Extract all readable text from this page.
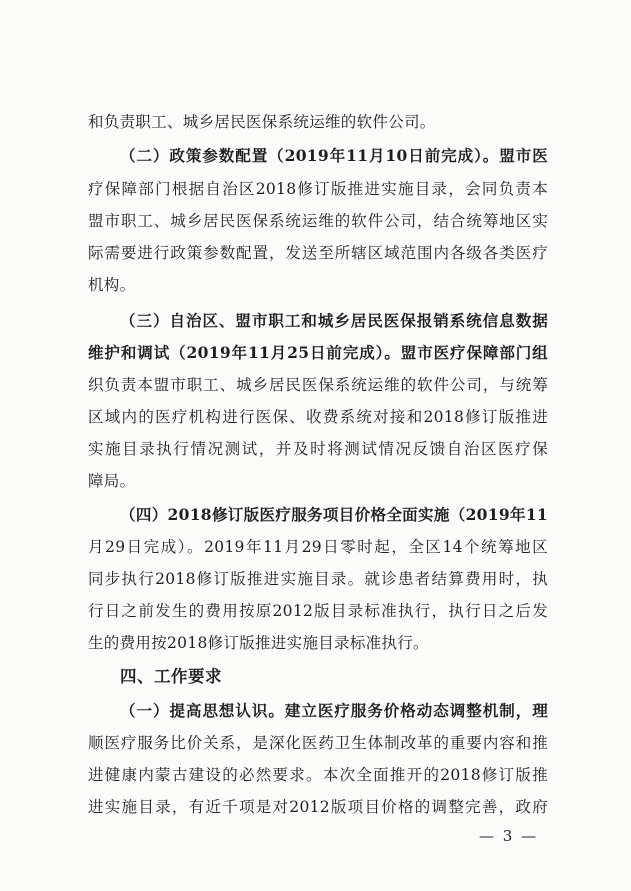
和负责职工、城乡居民医保系统运维的软件公司。
（二）政策参数配置（2019年11月10日前完成）。盟市医
疗保障部门根据自治区2018修订版推进实施目录，会同负责本
盟市职工、城乡居民医保系统运维的软件公司，结合统筹地区实
际需要进行政策参数配置，发送至所辖区域范围内各级各类医疗
机构。
（三）自治区、盟市职工和城乡居民医保报销系统信息数据
维护和调试（2019年11月25日前完成）。盟市医疗保障部门组
织负责本盟市职工、城乡居民医保系统运维的软件公司，与统筹
区域内的医疗机构进行医保、收费系统对接和2018修订版推进
实施目录执行情况测试，并及时将测试情况反馈自治区医疗保
障局。
（四）2018修订版医疗服务项目价格全面实施（2019年11
月29日完成）。2019年11月29日零时起，全区14个统筹地区
同步执行2018修订版推进实施目录。就诊患者结算费用时，执
行日之前发生的费用按原2012版目录标准执行，执行日之后发
生的费用按2018修订版推进实施目录标准执行。
四、工作要求
（一）提高思想认识。建立医疗服务价格动态调整机制，理
顺医疗服务比价关系，是深化医药卫生体制改革的重要内容和推
进健康内蒙古建设的必然要求。本次全面推开的2018修订版推
进实施目录，有近千项是对2012版项目价格的调整完善，政府
— 3 —
